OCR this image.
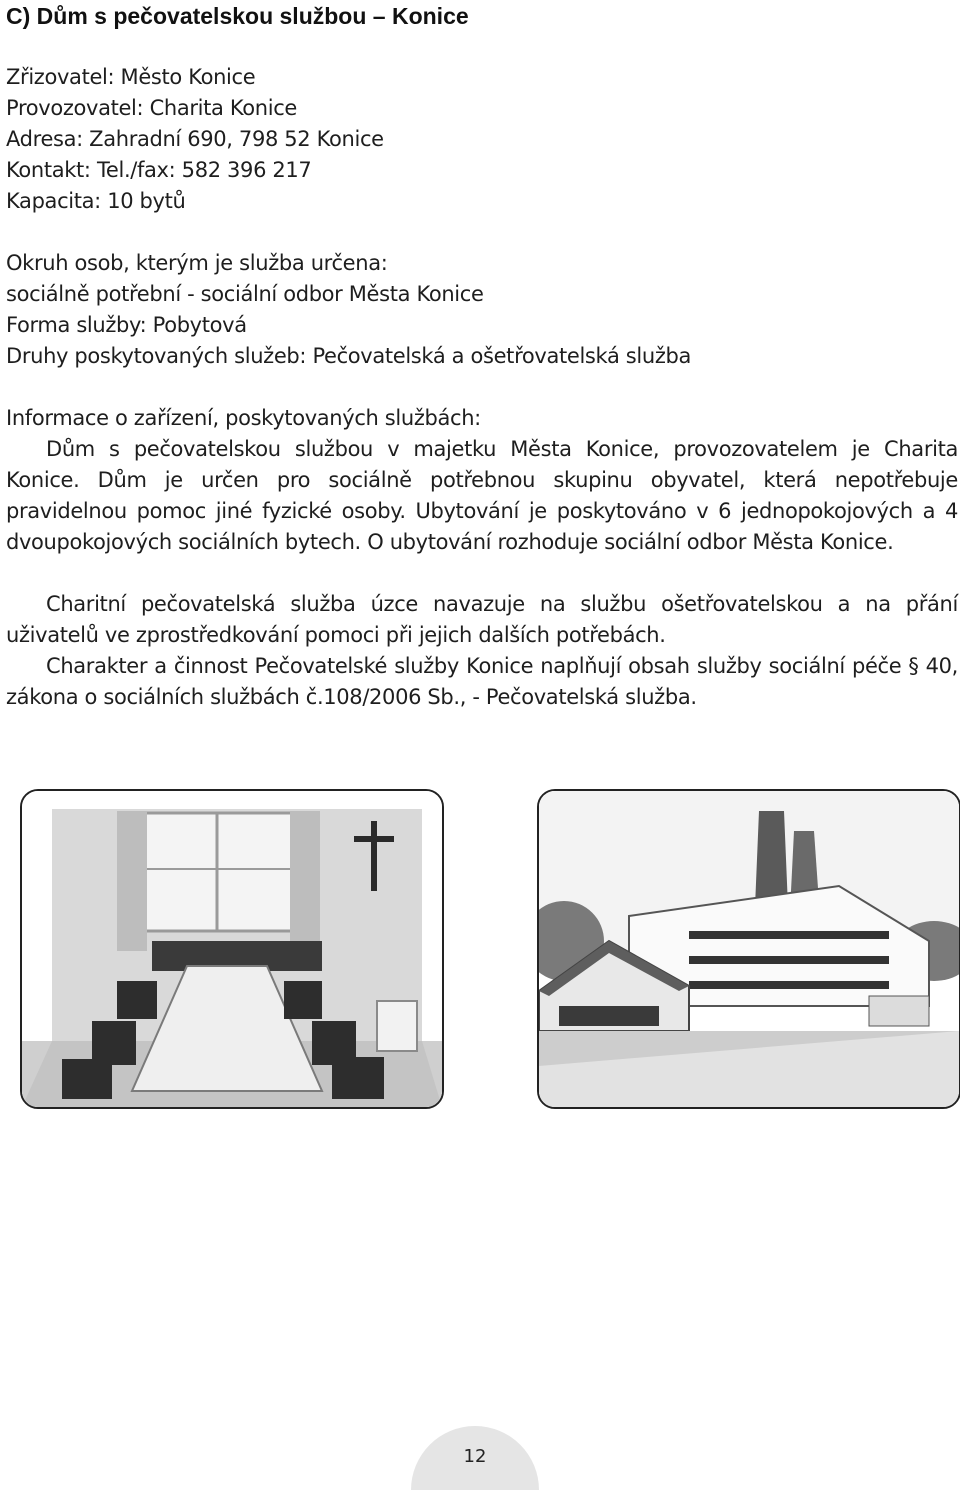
C) Dům s pečovatelskou službou – Konice
Zřizovatel: Město Konice
Provozovatel: Charita Konice
Adresa: Zahradní 690, 798 52 Konice
Kontakt: Tel./fax: 582 396 217
Kapacita: 10 bytů
Okruh osob, kterým je služba určena:
sociálně potřební - sociální odbor Města Konice
Forma služby: Pobytová
Druhy poskytovaných služeb: Pečovatelská a ošetřovatelská služba
Informace o zařízení, poskytovaných službách:

Dům s pečovatelskou službou v majetku Města Konice, provozovatelem je Charita Konice. Dům je určen pro sociálně potřebnou skupinu obyvatel, která nepotřebuje pravidelnou pomoc jiné fyzické osoby. Ubytování je poskytováno v 6 jednopokojových a 4 dvoupokojových sociálních bytech. O ubytování rozhoduje sociální odbor Města Konice.

Charitní pečovatelská služba úzce navazuje na službu ošetřovatelskou a na přání uživatelů ve zprostředkování pomoci při jejich dalších potřebách.

Charakter a činnost Pečovatelské služby Konice naplňují obsah služby sociální péče § 40, zákona o sociálních službách č.108/2006 Sb., - Pečovatelská služba.

12
